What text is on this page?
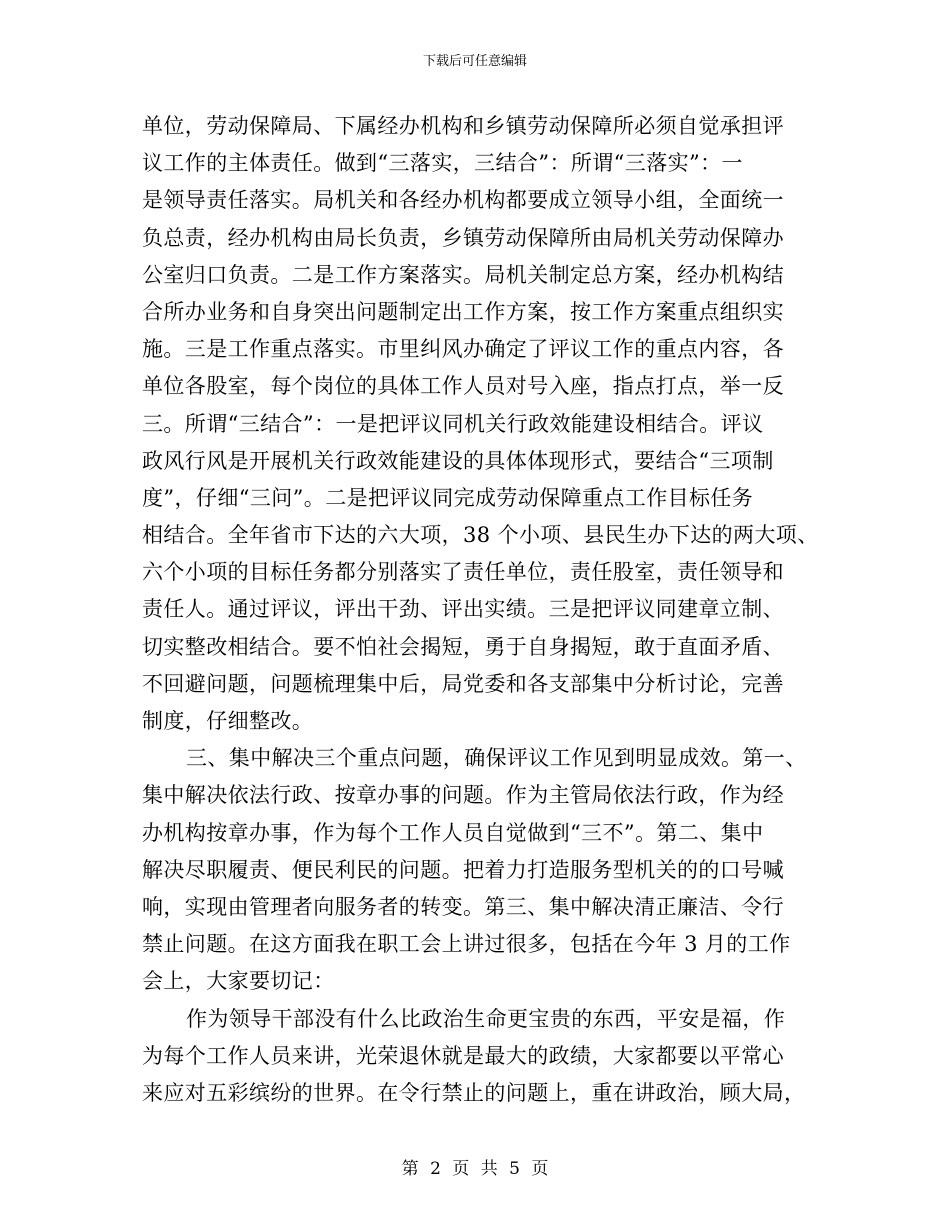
下载后可任意编辑
单位，劳动保障局、下属经办机构和乡镇劳动保障所必须自觉承担评
议工作的主体责任。做到“三落实，三结合”：所谓“三落实”：一
是领导责任落实。局机关和各经办机构都要成立领导小组，全面统一
负总责，经办机构由局长负责，乡镇劳动保障所由局机关劳动保障办
公室归口负责。二是工作方案落实。局机关制定总方案，经办机构结
合所办业务和自身突出问题制定出工作方案，按工作方案重点组织实
施。三是工作重点落实。市里纠风办确定了评议工作的重点内容，各
单位各股室，每个岗位的具体工作人员对号入座，指点打点，举一反
三。所谓“三结合”：一是把评议同机关行政效能建设相结合。评议
政风行风是开展机关行政效能建设的具体体现形式，要结合“三项制
度”，仔细“三问”。二是把评议同完成劳动保障重点工作目标任务
相结合。全年省市下达的六大项，38 个小项、县民生办下达的两大项、
六个小项的目标任务都分别落实了责任单位，责任股室，责任领导和
责任人。通过评议，评出干劲、评出实绩。三是把评议同建章立制、
切实整改相结合。要不怕社会揭短，勇于自身揭短，敢于直面矛盾、
不回避问题，问题梳理集中后，局党委和各支部集中分析讨论，完善
制度，仔细整改。
三、集中解决三个重点问题，确保评议工作见到明显成效。第一、
集中解决依法行政、按章办事的问题。作为主管局依法行政，作为经
办机构按章办事，作为每个工作人员自觉做到“三不”。第二、集中
解决尽职履责、便民利民的问题。把着力打造服务型机关的的口号喊
响，实现由管理者向服务者的转变。第三、集中解决清正廉洁、令行
禁止问题。在这方面我在职工会上讲过很多，包括在今年 3 月的工作
会上，大家要切记：
作为领导干部没有什么比政治生命更宝贵的东西，平安是福，作
为每个工作人员来讲，光荣退休就是最大的政绩，大家都要以平常心
来应对五彩缤纷的世界。在令行禁止的问题上，重在讲政治，顾大局，
第 2 页 共 5 页
